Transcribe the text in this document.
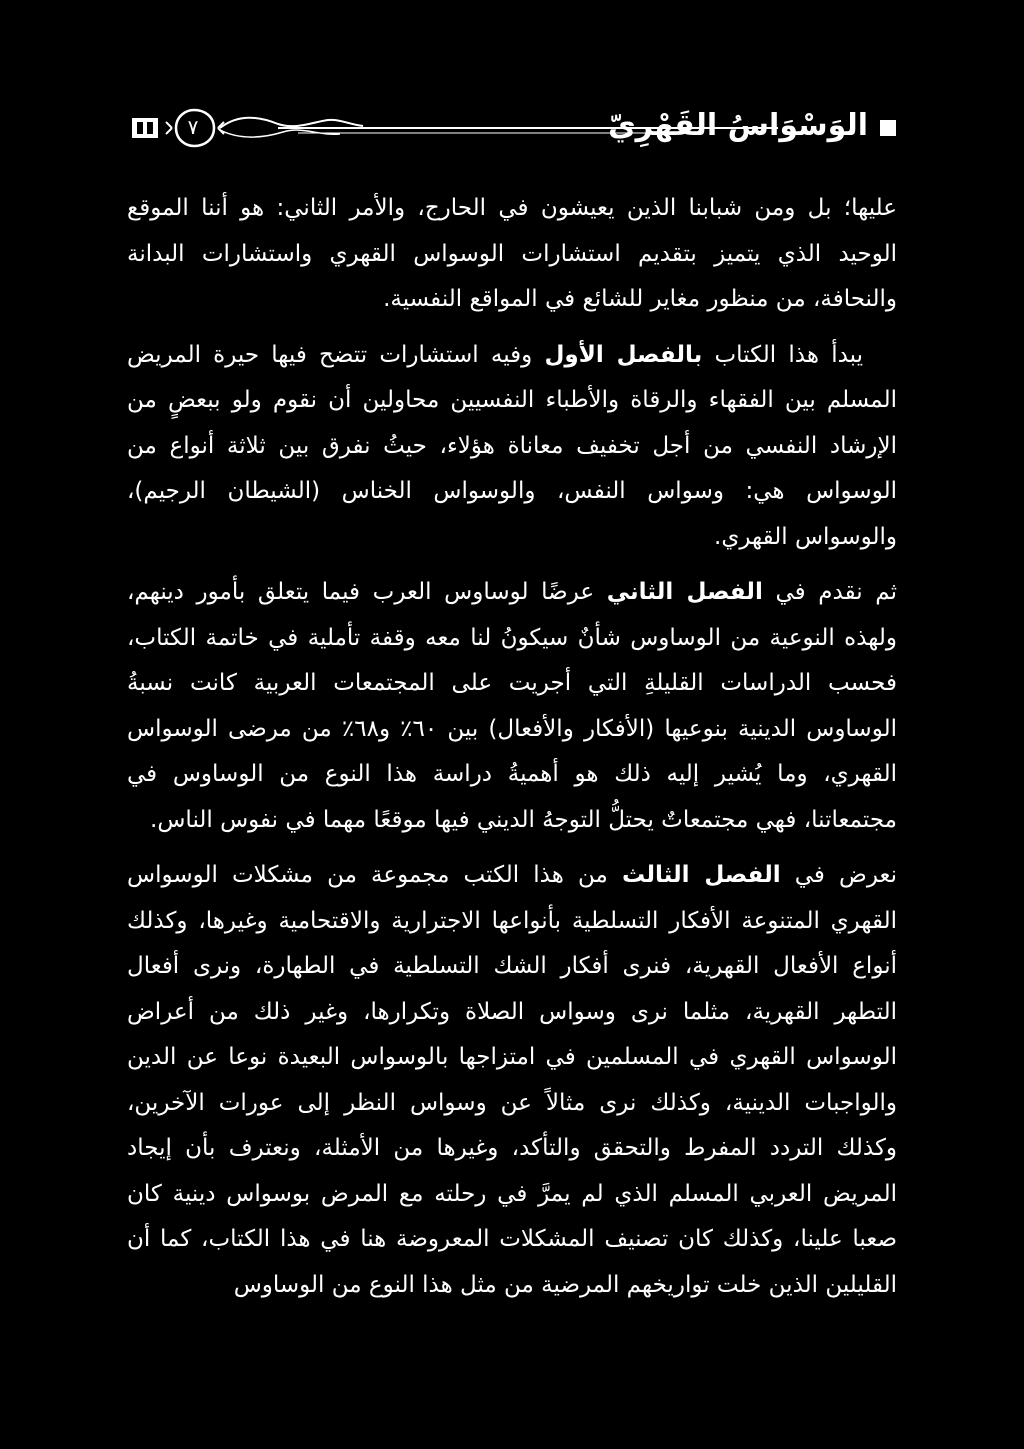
٧	الوَسْوَاسُ القَهْرِيّ

عليها؛ بل ومن شبابنا الذين يعيشون في الحارج، والأمر الثاني: هو أننا الموقع الوحيد الذي يتميز بتقديم استشارات الوسواس القهري واستشارات البدانة والنحافة، من منظور مغاير للشائع في المواقع النفسية.

يبدأ هذا الكتاب بالفصل الأول وفيه استشارات تتضح فيها حيرة المريض المسلم بين الفقهاء والرقاة والأطباء النفسيين محاولين أن نقوم ولو ببعضٍ من الإرشاد النفسي من أجل تخفيف معاناة هؤلاء، حيثُ نفرق بين ثلاثة أنواع من الوسواس هي: وسواس النفس، والوسواس الخناس (الشيطان الرجيم)، والوسواس القهري.

ثم نقدم في الفصل الثاني عرضًا لوساوس العرب فيما يتعلق بأمور دينهم، ولهذه النوعية من الوساوس شأنٌ سيكونُ لنا معه وقفة تأملية في خاتمة الكتاب، فحسب الدراسات القليلةِ التي أجريت على المجتمعات العربية كانت نسبةُ الوساوس الدينية بنوعيها (الأفكار والأفعال) بين ٦٠٪ و٦٨٪ من مرضى الوسواس القهري، وما يُشير إليه ذلك هو أهميةُ دراسة هذا النوع من الوساوس في مجتمعاتنا، فهي مجتمعاتٌ يحتلُّ التوجهُ الديني فيها موقعًا مهما في نفوس الناس.

نعرض في الفصل الثالث من هذا الكتب مجموعة من مشكلات الوسواس القهري المتنوعة الأفكار التسلطية بأنواعها الاجترارية والاقتحامية وغيرها، وكذلك أنواع الأفعال القهرية، فنرى أفكار الشك التسلطية في الطهارة، ونرى أفعال التطهر القهرية، مثلما نرى وسواس الصلاة وتكرارها، وغير ذلك من أعراض الوسواس القهري في المسلمين في امتزاجها بالوسواس البعيدة نوعا عن الدين والواجبات الدينية، وكذلك نرى مثالاً عن وسواس النظر إلى عورات الآخرين، وكذلك التردد المفرط والتحقق والتأكد، وغيرها من الأمثلة، ونعترف بأن إيجاد المريض العربي المسلم الذي لم يمرَّ في رحلته مع المرض بوسواس دينية كان صعبا علينا، وكذلك كان تصنيف المشكلات المعروضة هنا في هذا الكتاب، كما أن القليلين الذين خلت تواريخهم المرضية من مثل هذا النوع من الوساوس
